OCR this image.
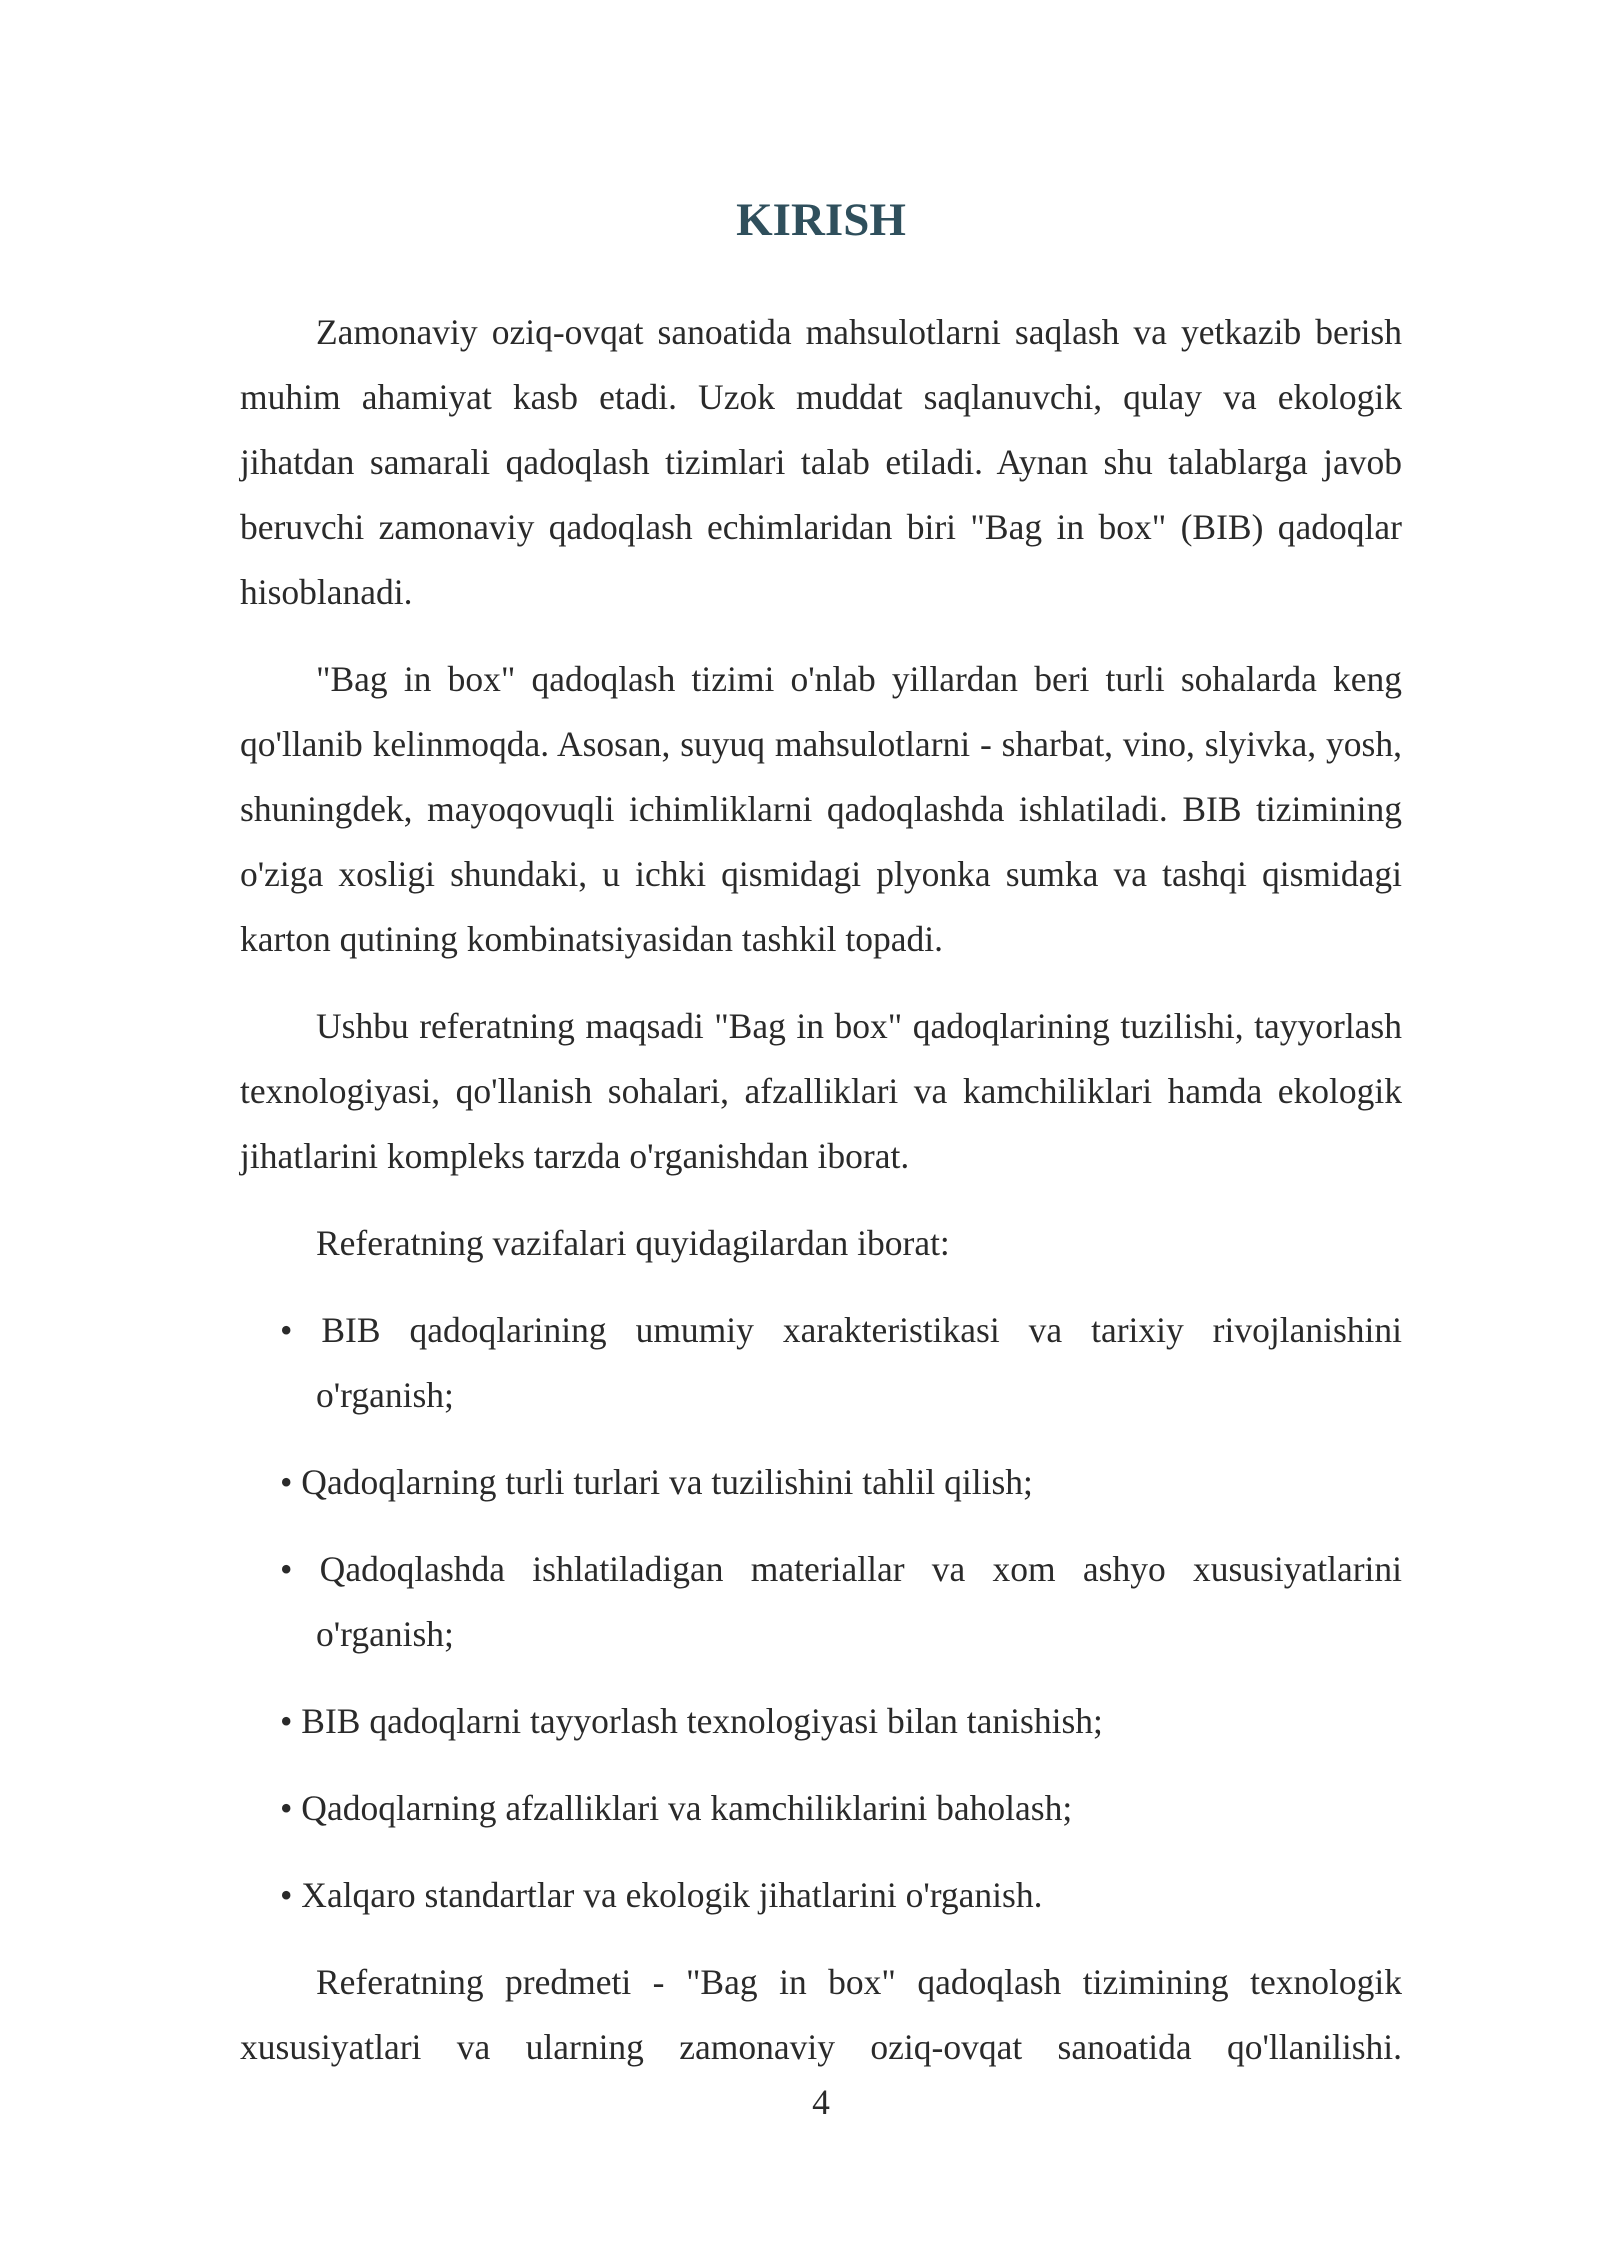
KIRISH

Zamonaviy oziq-ovqat sanoatida mahsulotlarni saqlash va yetkazib berish muhim ahamiyat kasb etadi. Uzok muddat saqlanuvchi, qulay va ekologik jihatdan samarali qadoqlash tizimlari talab etiladi. Aynan shu talablarga javob beruvchi zamonaviy qadoqlash echimlaridan biri "Bag in box" (BIB) qadoqlar hisoblanadi.

"Bag in box" qadoqlash tizimi o'nlab yillardan beri turli sohalarda keng qo'llanib kelinmoqda. Asosan, suyuq mahsulotlarni - sharbat, vino, slyivka, yosh, shuningdek, mayoqovuqli ichimliklarni qadoqlashda ishlatiladi. BIB tizimining o'ziga xosligi shundaki, u ichki qismidagi plyonka sumka va tashqi qismidagi karton qutining kombinatsiyasidan tashkil topadi.

Ushbu referatning maqsadi "Bag in box" qadoqlarining tuzilishi, tayyorlash texnologiyasi, qo'llanish sohalari, afzalliklari va kamchiliklari hamda ekologik jihatlarini kompleks tarzda o'rganishdan iborat.

Referatning vazifalari quyidagilardan iborat:

• BIB qadoqlarining umumiy xarakteristikasi va tarixiy rivojlanishini o'rganish;

• Qadoqlarning turli turlari va tuzilishini tahlil qilish;

• Qadoqlashda ishlatiladigan materiallar va xom ashyo xususiyatlarini o'rganish;

• BIB qadoqlarni tayyorlash texnologiyasi bilan tanishish;

• Qadoqlarning afzalliklari va kamchiliklarini baholash;

• Xalqaro standartlar va ekologik jihatlarini o'rganish.

Referatning predmeti - "Bag in box" qadoqlash tizimining texnologik xususiyatlari va ularning zamonaviy oziq-ovqat sanoatida qo'llanilishi.

4
